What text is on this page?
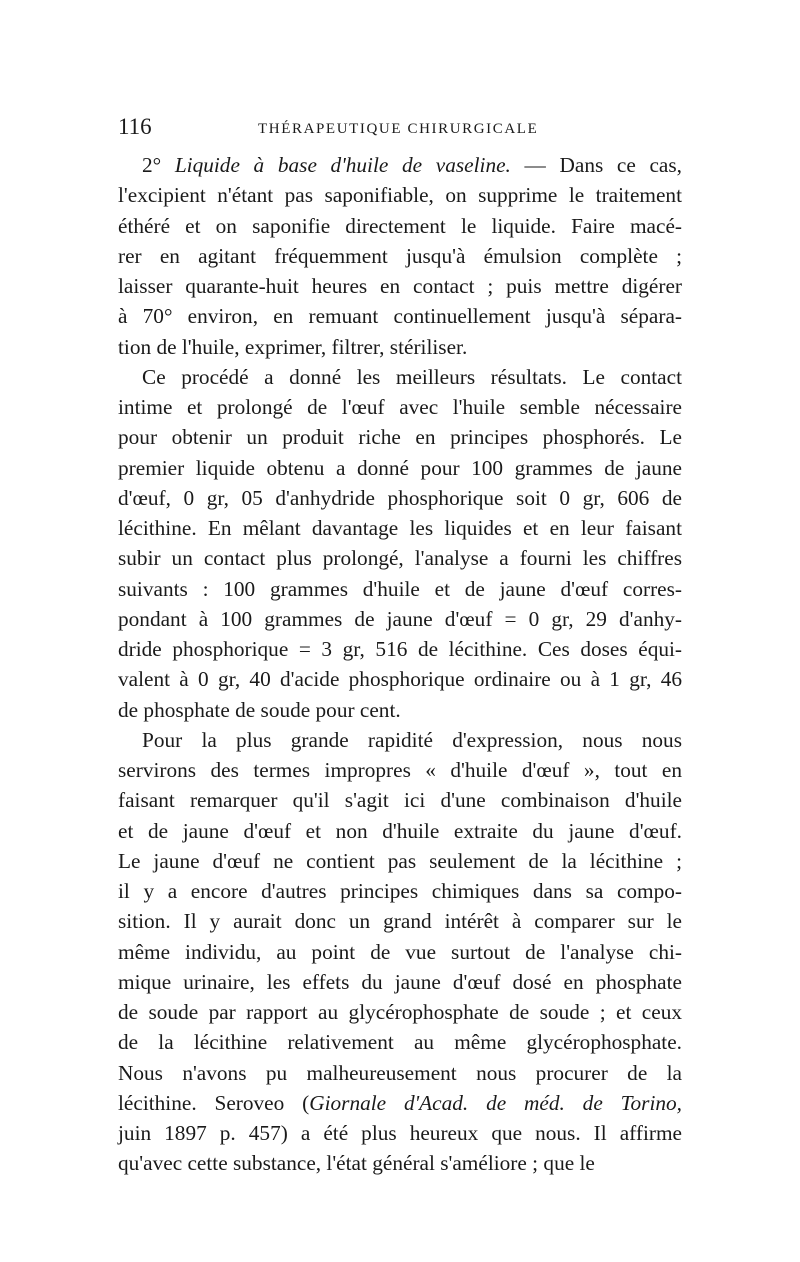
116	THÉRAPEUTIQUE CHIRURGICALE

2° Liquide à base d'huile de vaseline. — Dans ce cas,
l'excipient n'étant pas saponifiable, on supprime le traitement
éthéré et on saponifie directement le liquide. Faire macé-
rer en agitant fréquemment jusqu'à émulsion complète ;
laisser quarante-huit heures en contact ; puis mettre digérer
à 70° environ, en remuant continuellement jusqu'à sépara-
tion de l'huile, exprimer, filtrer, stériliser.

Ce procédé a donné les meilleurs résultats. Le contact
intime et prolongé de l'œuf avec l'huile semble nécessaire
pour obtenir un produit riche en principes phosphorés. Le
premier liquide obtenu a donné pour 100 grammes de jaune
d'œuf, 0 gr, 05 d'anhydride phosphorique soit 0 gr, 606 de
lécithine. En mêlant davantage les liquides et en leur faisant
subir un contact plus prolongé, l'analyse a fourni les chiffres
suivants : 100 grammes d'huile et de jaune d'œuf corres-
pondant à 100 grammes de jaune d'œuf = 0 gr, 29 d'anhy-
dride phosphorique = 3 gr, 516 de lécithine. Ces doses équi-
valent à 0 gr, 40 d'acide phosphorique ordinaire ou à 1 gr, 46
de phosphate de soude pour cent.

Pour la plus grande rapidité d'expression, nous nous
servirons des termes impropres « d'huile d'œuf », tout en
faisant remarquer qu'il s'agit ici d'une combinaison d'huile
et de jaune d'œuf et non d'huile extraite du jaune d'œuf.
Le jaune d'œuf ne contient pas seulement de la lécithine ;
il y a encore d'autres principes chimiques dans sa compo-
sition. Il y aurait donc un grand intérêt à comparer sur le
même individu, au point de vue surtout de l'analyse chi-
mique urinaire, les effets du jaune d'œuf dosé en phosphate
de soude par rapport au glycérophosphate de soude ; et ceux
de la lécithine relativement au même glycérophosphate.
Nous n'avons pu malheureusement nous procurer de la
lécithine. Seroveo (Giornale d'Acad. de méd. de Torino,
juin 1897 p. 457) a été plus heureux que nous. Il affirme
qu'avec cette substance, l'état général s'améliore ; que le
